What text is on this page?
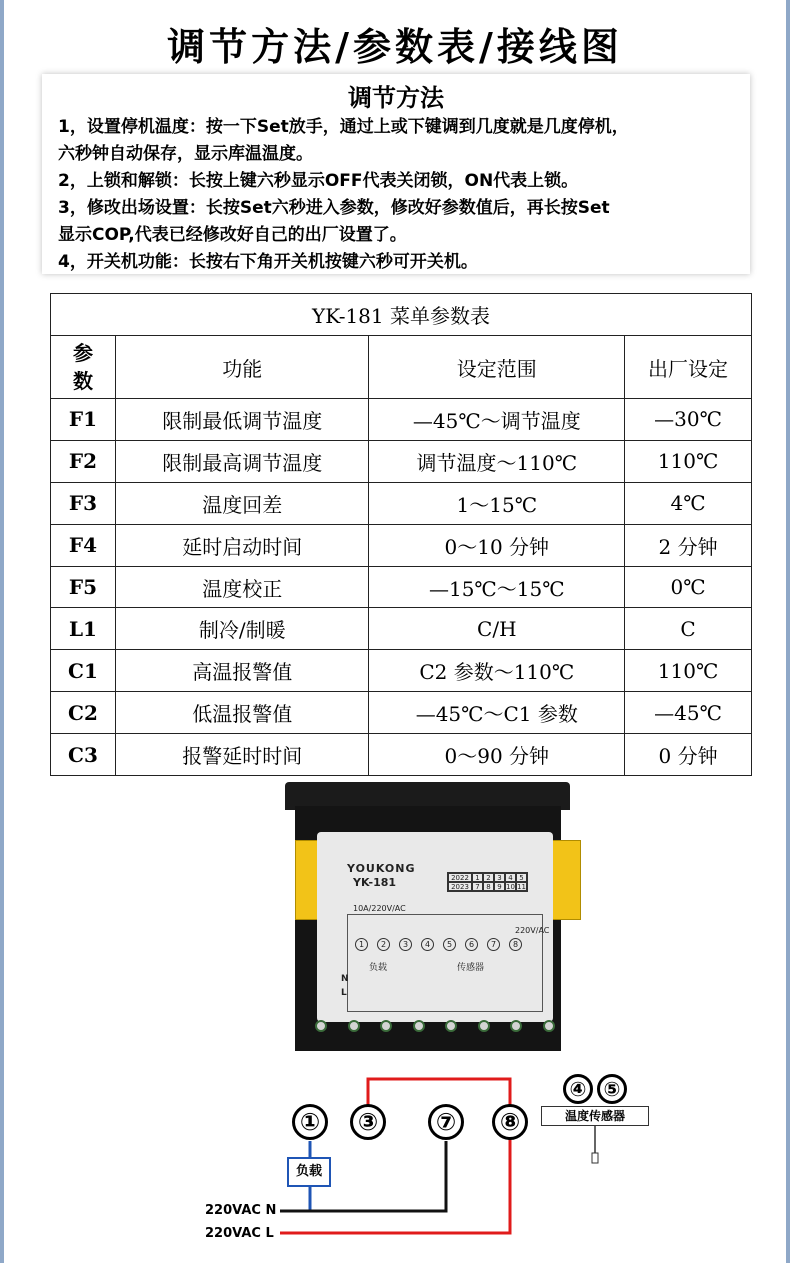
调节方法/参数表/接线图
调节方法
1，设置停机温度：按一下Set放手，通过上或下键调到几度就是几度停机，
六秒钟自动保存，显示库温温度。
2，上锁和解锁：长按上键六秒显示OFF代表关闭锁，ON代表上锁。
3，修改出场设置：长按Set六秒进入参数，修改好参数值后，再长按Set
显示COP,代表已经修改好自己的出厂设置了。
4，开关机功能：长按右下角开关机按键六秒可开关机。
YK-181 菜单参数表			

参
数	功能	设定范围	出厂设定
F1	限制最低调节温度	—45℃～调节温度	—30℃
F2	限制最高调节温度	调节温度～110℃	110℃
F3	温度回差	1～15℃	4℃
F4	延时启动时间	0～10 分钟	2 分钟
F5	温度校正	—15℃～15℃	0℃
L1	制冷/制暖	C/H	C
C1	高温报警值	C2 参数～110℃	110℃
C2	低温报警值	—45℃～C1 参数	—45℃
C3	报警延时时间	0～90 分钟	0 分钟
YOUKONG
YK-181	2022 1 2 3 4 5
2023 7 8 9 10 11
10A/220V/AC
220V/AC
1	2	3	4	5	6	7	8
负载	传感器
N
L
①	③	⑦	⑧
④ ⑤
负载
温度传感器
220VAC N
220VAC L
